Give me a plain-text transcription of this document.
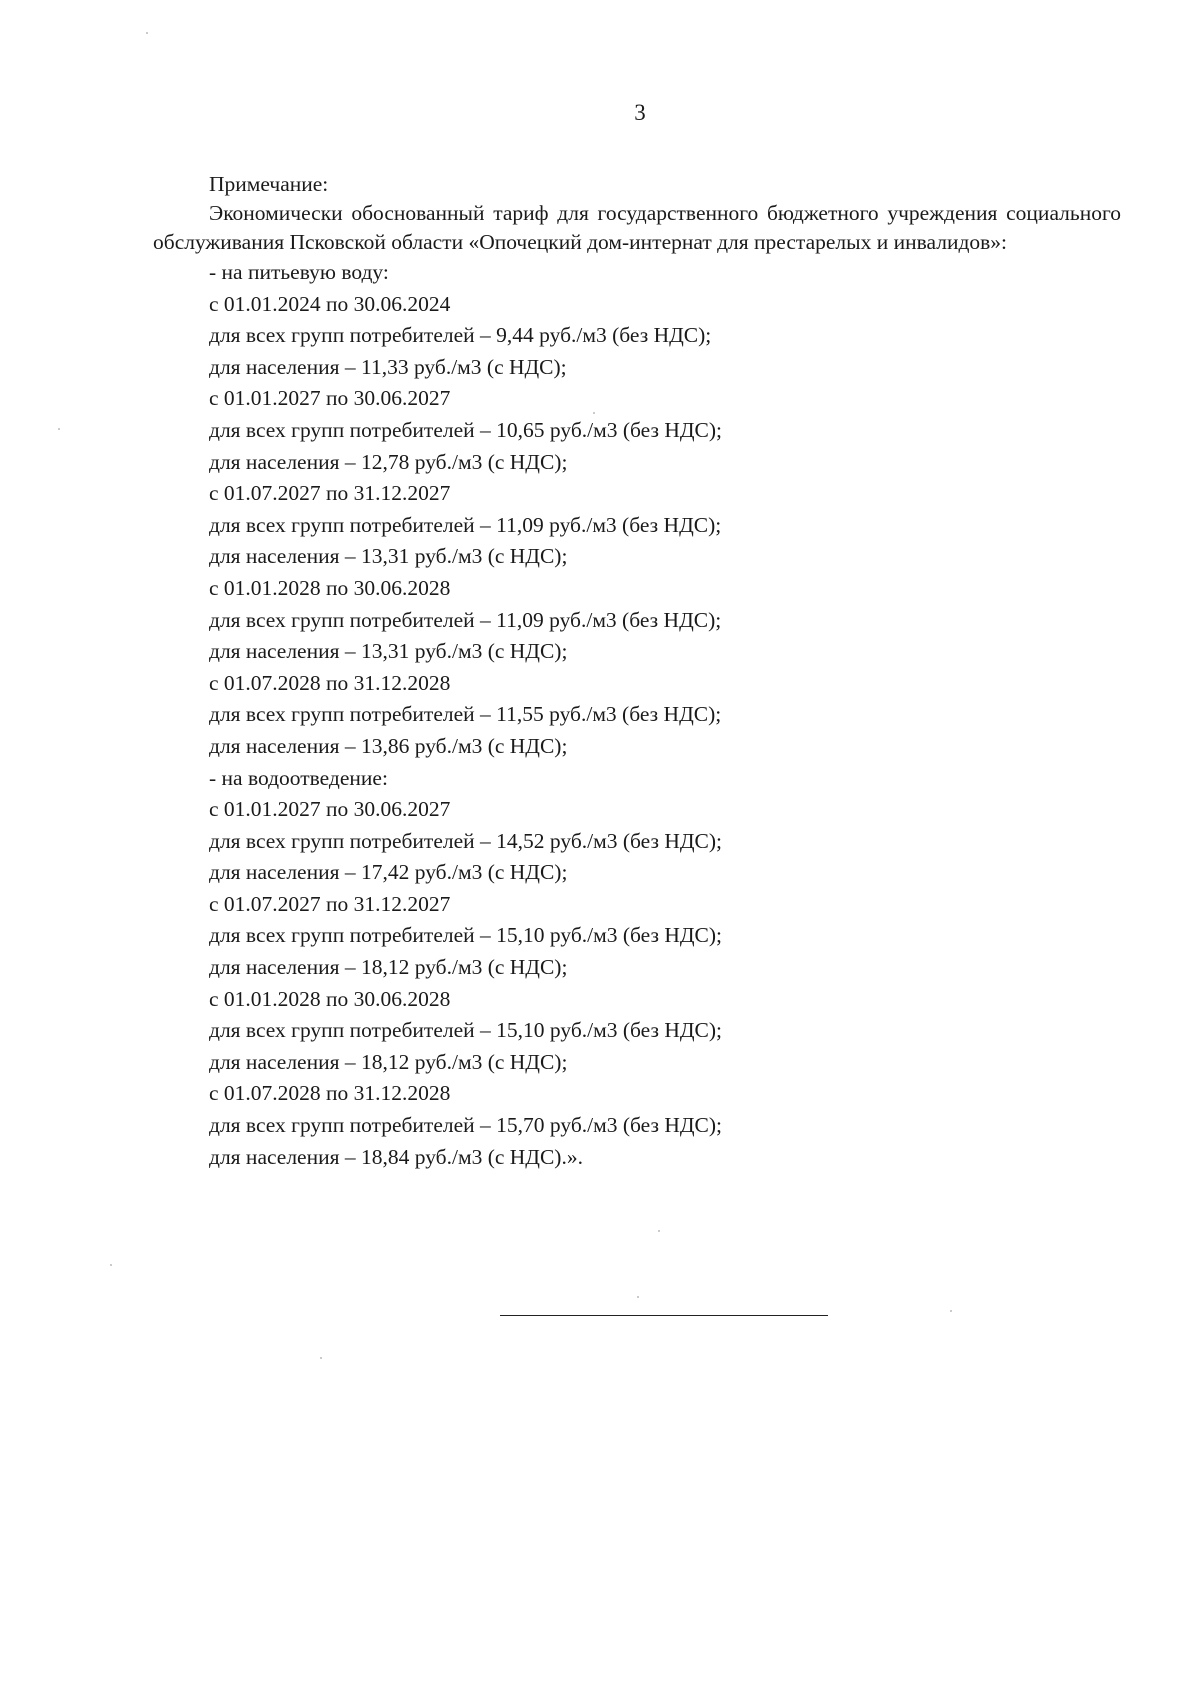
3
Примечание:

Экономически обоснованный тариф для государственного бюджетного учреждения социального обслуживания Псковской области «Опочецкий дом-интернат для престарелых и инвалидов»:

- на питьевую воду:
с 01.01.2024 по 30.06.2024
для всех групп потребителей – 9,44 руб./м3 (без НДС);
для населения – 11,33 руб./м3 (с НДС);
с 01.01.2027 по 30.06.2027
для всех групп потребителей – 10,65 руб./м3 (без НДС);
для населения – 12,78 руб./м3 (с НДС);
с 01.07.2027 по 31.12.2027
для всех групп потребителей – 11,09 руб./м3 (без НДС);
для населения – 13,31 руб./м3 (с НДС);
с 01.01.2028 по 30.06.2028
для всех групп потребителей – 11,09 руб./м3 (без НДС);
для населения – 13,31 руб./м3 (с НДС);
с 01.07.2028 по 31.12.2028
для всех групп потребителей – 11,55 руб./м3 (без НДС);
для населения – 13,86 руб./м3 (с НДС);
- на водоотведение:
с 01.01.2027 по 30.06.2027
для всех групп потребителей – 14,52 руб./м3 (без НДС);
для населения – 17,42 руб./м3 (с НДС);
с 01.07.2027 по 31.12.2027
для всех групп потребителей – 15,10 руб./м3 (без НДС);
для населения – 18,12 руб./м3 (с НДС);
с 01.01.2028 по 30.06.2028
для всех групп потребителей – 15,10 руб./м3 (без НДС);
для населения – 18,12 руб./м3 (с НДС);
с 01.07.2028 по 31.12.2028
для всех групп потребителей – 15,70 руб./м3 (без НДС);
для населения – 18,84 руб./м3 (с НДС).».
